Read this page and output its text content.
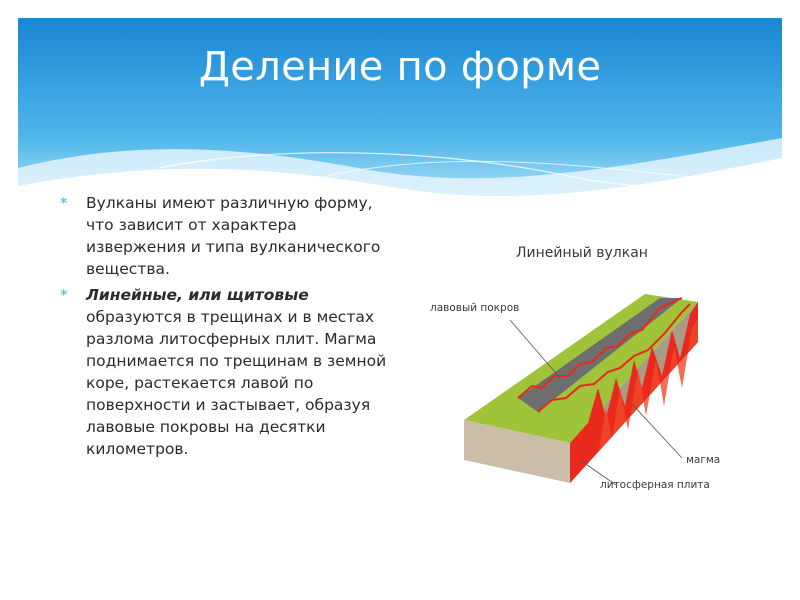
Деление по форме
* Вулканы имеют различную форму, что зависит от характера извержения и типа вулканического вещества.
* Линейные, или щитовые образуются в трещинах и в местах разлома литосферных плит. Магма поднимается по трещинам в земной коре, растекается лавой по поверхности и застывает, образуя лавовые покровы на десятки километров.
Линейный вулкан
лавовый покров
магма
литосферная плита
